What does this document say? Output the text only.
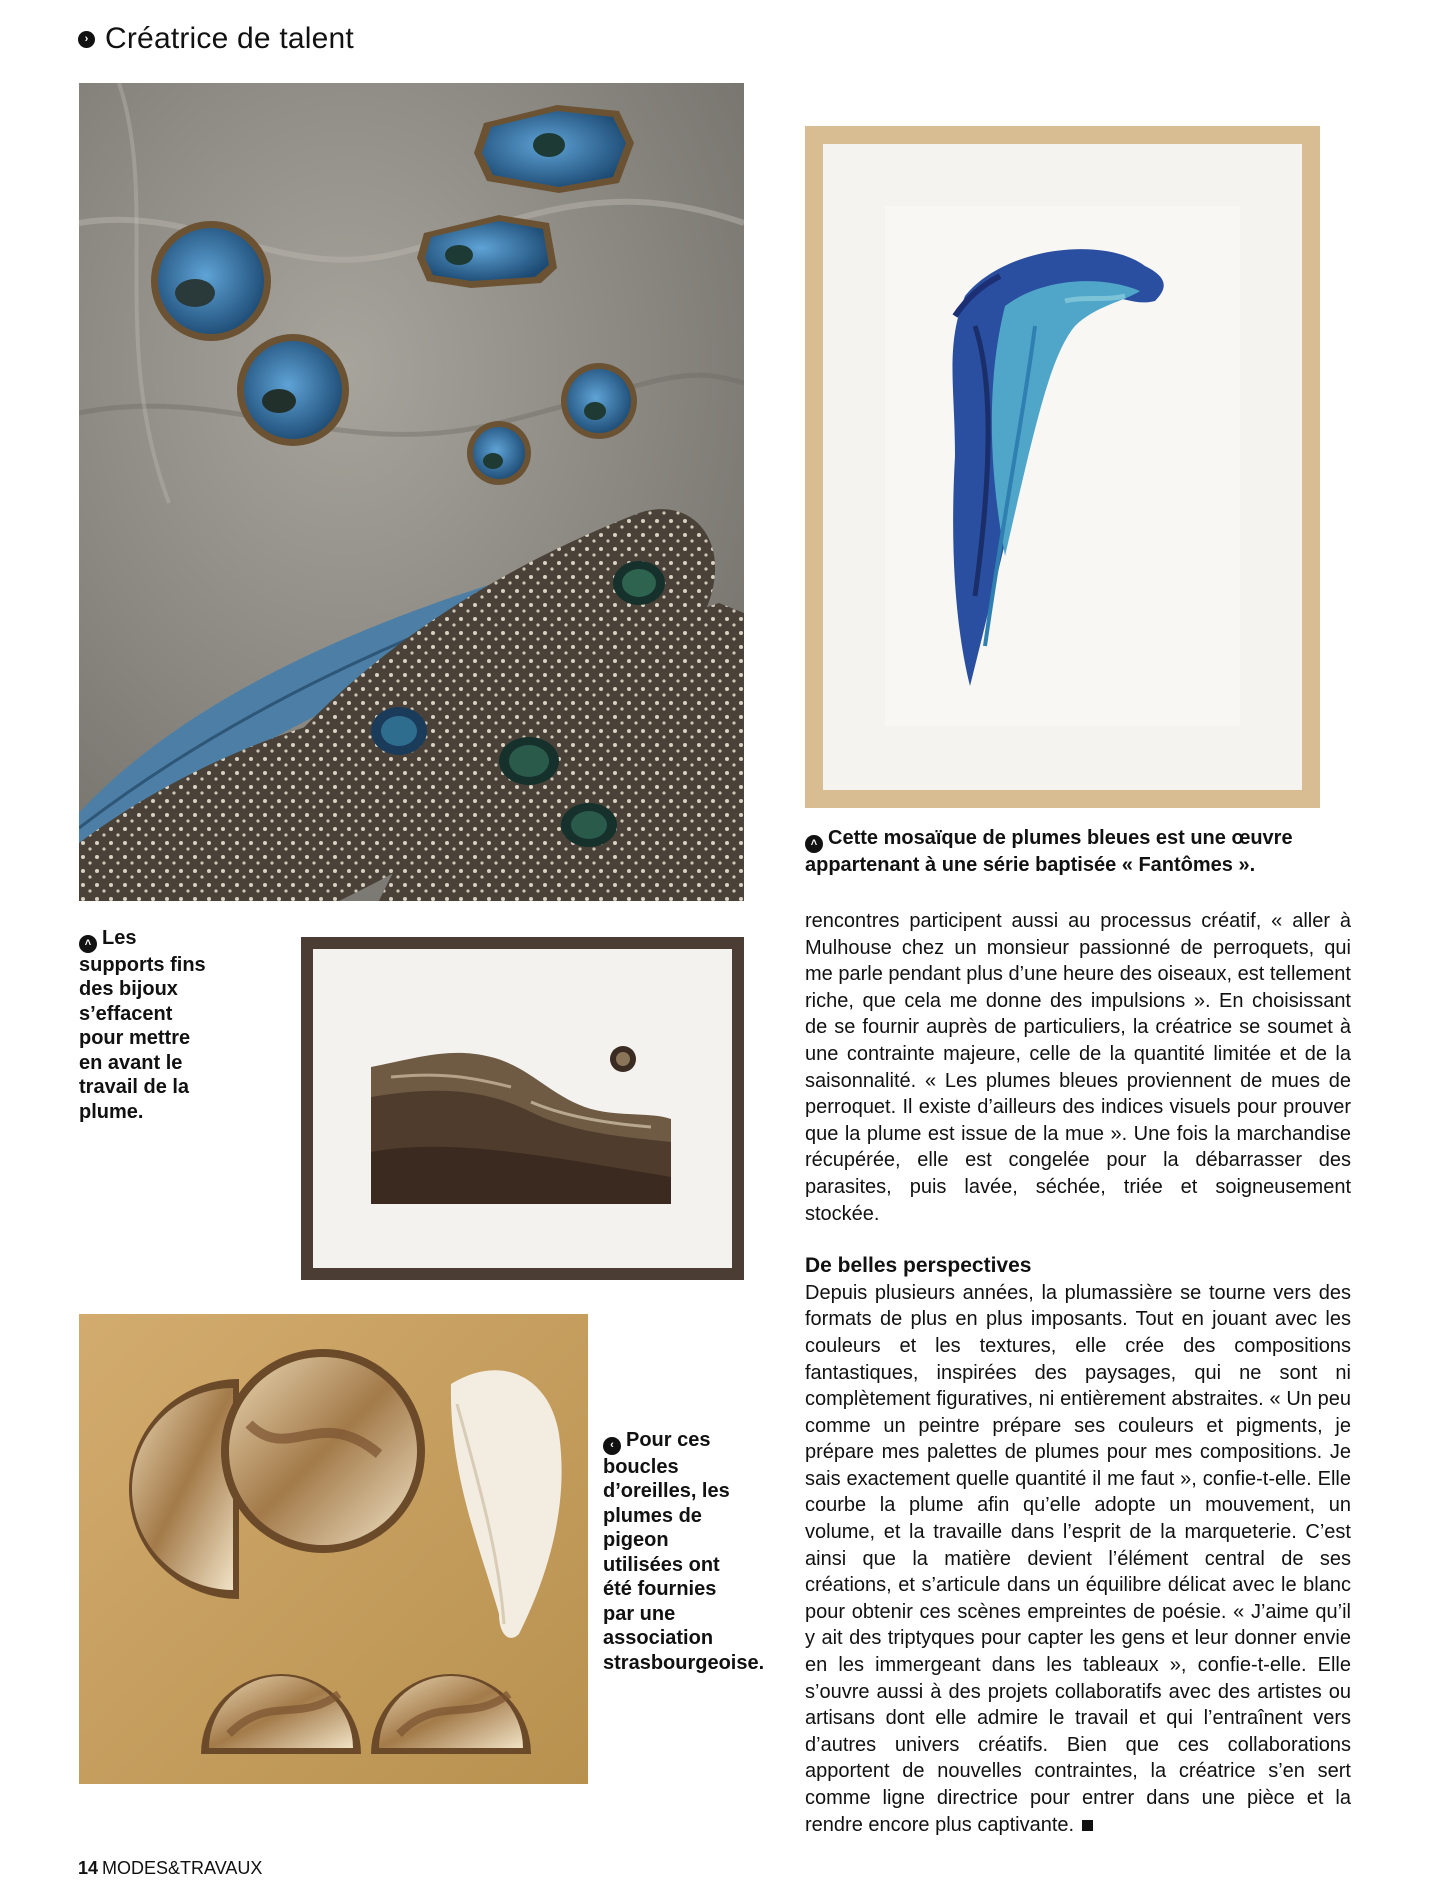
› Créatrice de talent
˄ Cette mosaïque de plumes bleues est une œuvre appartenant à une série baptisée « Fantômes ».
˄ Les supports fins des bijoux s’effacent pour mettre en avant le travail de la plume.
‹ Pour ces boucles d’oreilles, les plumes de pigeon utilisées ont été fournies par une association strasbourgeoise.

rencontres participent aussi au processus créatif, « aller à Mulhouse chez un monsieur passionné de perroquets, qui me parle pendant plus d’une heure des oiseaux, est tellement riche, que cela me donne des impulsions ». En choisissant de se fournir auprès de particuliers, la créatrice se soumet à une contrainte majeure, celle de la quantité limitée et de la saisonnalité. « Les plumes bleues proviennent de mues de perroquet. Il existe d’ailleurs des indices visuels pour prouver que la plume est issue de la mue ». Une fois la marchandise récupérée, elle est congelée pour la débarrasser des parasites, puis lavée, séchée, triée et soigneusement stockée.

De belles perspectives

Depuis plusieurs années, la plumassière se tourne vers des formats de plus en plus imposants. Tout en jouant avec les couleurs et les textures, elle crée des compositions fantastiques, inspirées des paysages, qui ne sont ni complètement figuratives, ni entièrement abstraites. « Un peu comme un peintre prépare ses couleurs et pigments, je prépare mes palettes de plumes pour mes compositions. Je sais exactement quelle quantité il me faut », confie-t-elle. Elle courbe la plume afin qu’elle adopte un mouvement, un volume, et la travaille dans l’esprit de la marqueterie. C’est ainsi que la matière devient l’élément central de ses créations, et s’articule dans un équilibre délicat avec le blanc pour obtenir ces scènes empreintes de poésie. « J’aime qu’il y ait des triptyques pour capter les gens et leur donner envie en les immergeant dans les tableaux », confie-t-elle. Elle s’ouvre aussi à des projets collaboratifs avec des artistes ou artisans dont elle admire le travail et qui l’entraînent vers d’autres univers créatifs. Bien que ces collaborations apportent de nouvelles contraintes, la créatrice s’en sert comme ligne directrice pour entrer dans une pièce et la rendre encore plus captivante.

14 MODES&TRAVAUX
